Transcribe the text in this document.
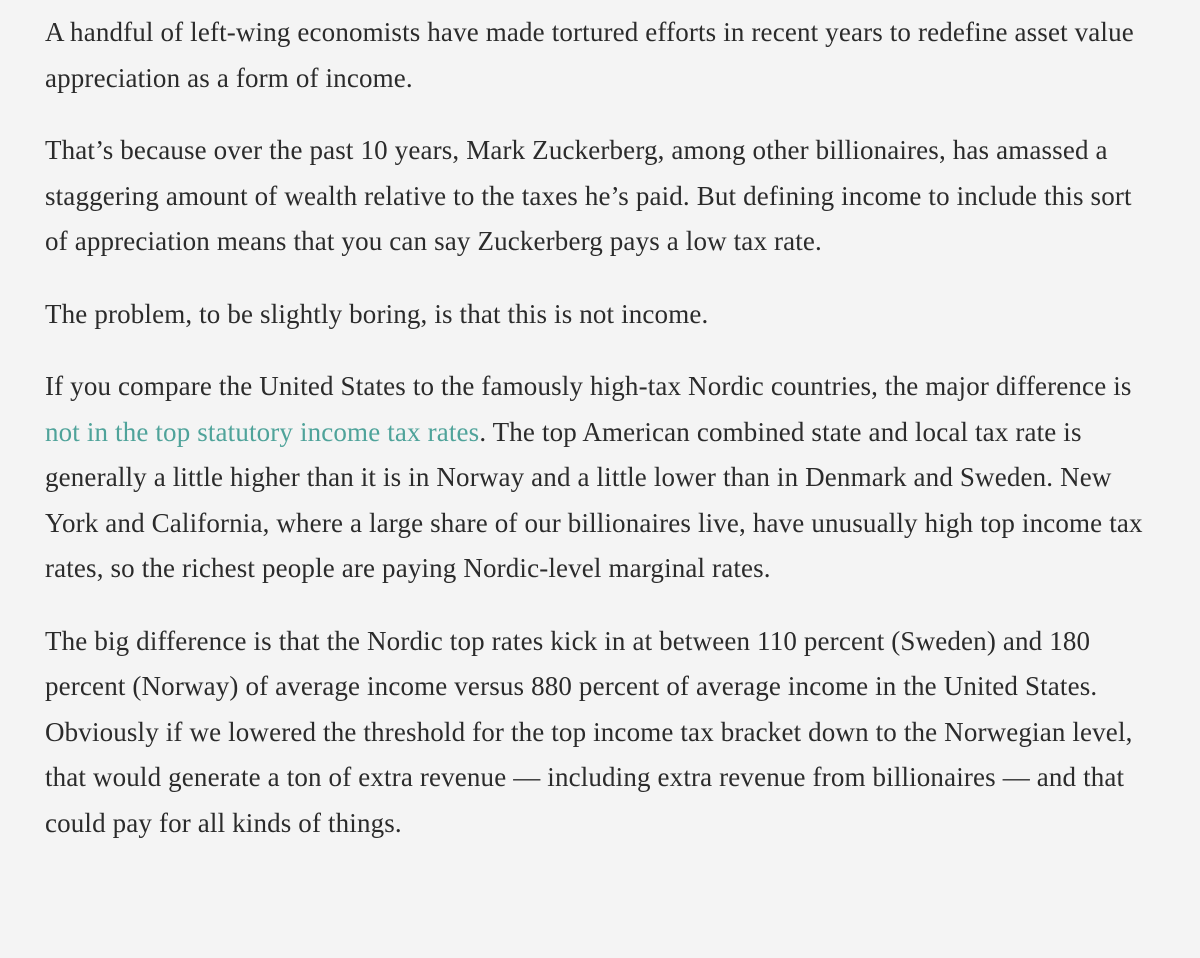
A handful of left-wing economists have made tortured efforts in recent years to redefine asset value appreciation as a form of income.

That’s because over the past 10 years, Mark Zuckerberg, among other billionaires, has amassed a staggering amount of wealth relative to the taxes he’s paid. But defining income to include this sort of appreciation means that you can say Zuckerberg pays a low tax rate.

The problem, to be slightly boring, is that this is not income.

If you compare the United States to the famously high-tax Nordic countries, the major difference is not in the top statutory income tax rates. The top American combined state and local tax rate is generally a little higher than it is in Norway and a little lower than in Denmark and Sweden. New York and California, where a large share of our billionaires live, have unusually high top income tax rates, so the richest people are paying Nordic-level marginal rates.

The big difference is that the Nordic top rates kick in at between 110 percent (Sweden) and 180 percent (Norway) of average income versus 880 percent of average income in the United States. Obviously if we lowered the threshold for the top income tax bracket down to the Norwegian level, that would generate a ton of extra revenue — including extra revenue from billionaires — and that could pay for all kinds of things.
